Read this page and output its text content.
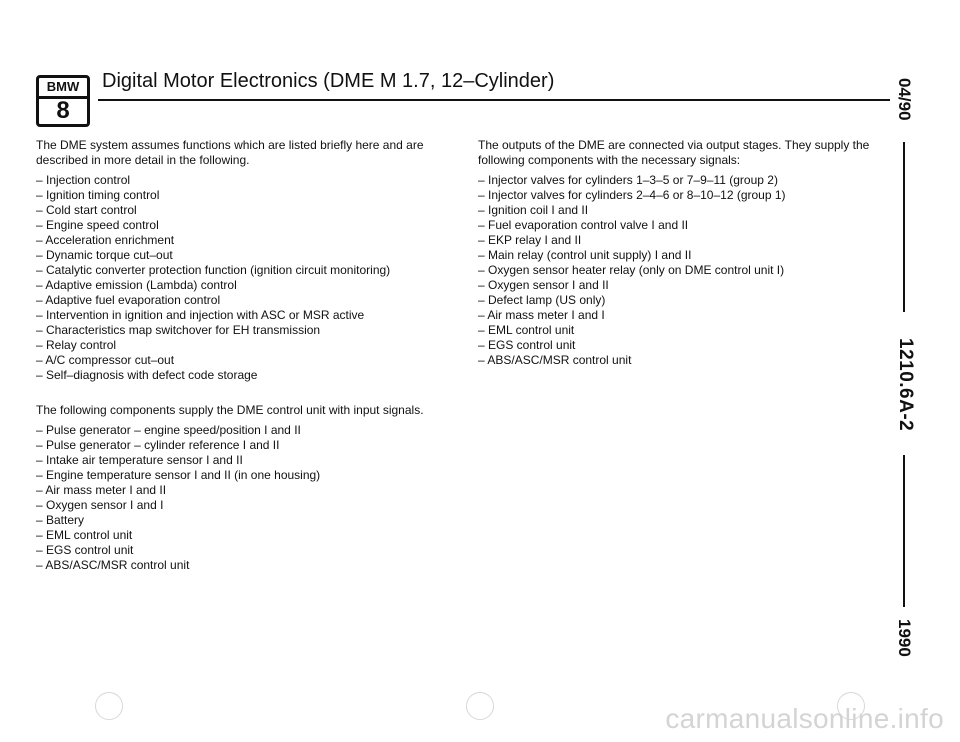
BMW
8
Digital Motor Electronics (DME M 1.7, 12–Cylinder)

The DME system assumes functions which are listed briefly here and are described in more detail in the following.

– Injection control
– Ignition timing control
– Cold start control
– Engine speed control
– Acceleration enrichment
– Dynamic torque cut–out
– Catalytic converter protection function (ignition circuit monitoring)
– Adaptive emission (Lambda) control
– Adaptive fuel evaporation control
– Intervention in ignition and injection with ASC or MSR active
– Characteristics map switchover for EH transmission
– Relay control
– A/C compressor cut–out
– Self–diagnosis with defect code storage

The following components supply the DME control unit with input signals.

– Pulse generator – engine speed/position I and II
– Pulse generator – cylinder reference I and II
– Intake air temperature sensor I and II
– Engine temperature sensor I and II (in one housing)
– Air mass meter I and II
– Oxygen sensor I and I
– Battery
– EML control unit
– EGS control unit
– ABS/ASC/MSR control unit

The outputs of the DME are connected via output stages. They supply the following components with the necessary signals:

– Injector valves for cylinders 1–3–5 or 7–9–11 (group 2)
– Injector valves for cylinders 2–4–6 or 8–10–12 (group 1)
– Ignition coil I and II
– Fuel evaporation control valve I and II
– EKP relay I and II
– Main relay (control unit supply) I and II
– Oxygen sensor heater relay (only on DME control unit I)
– Oxygen sensor I and II
– Defect lamp (US only)
– Air mass meter I and I
– EML control unit
– EGS control unit
– ABS/ASC/MSR control unit
04/90
1210.6A-2
1990
carmanualsonline.info
